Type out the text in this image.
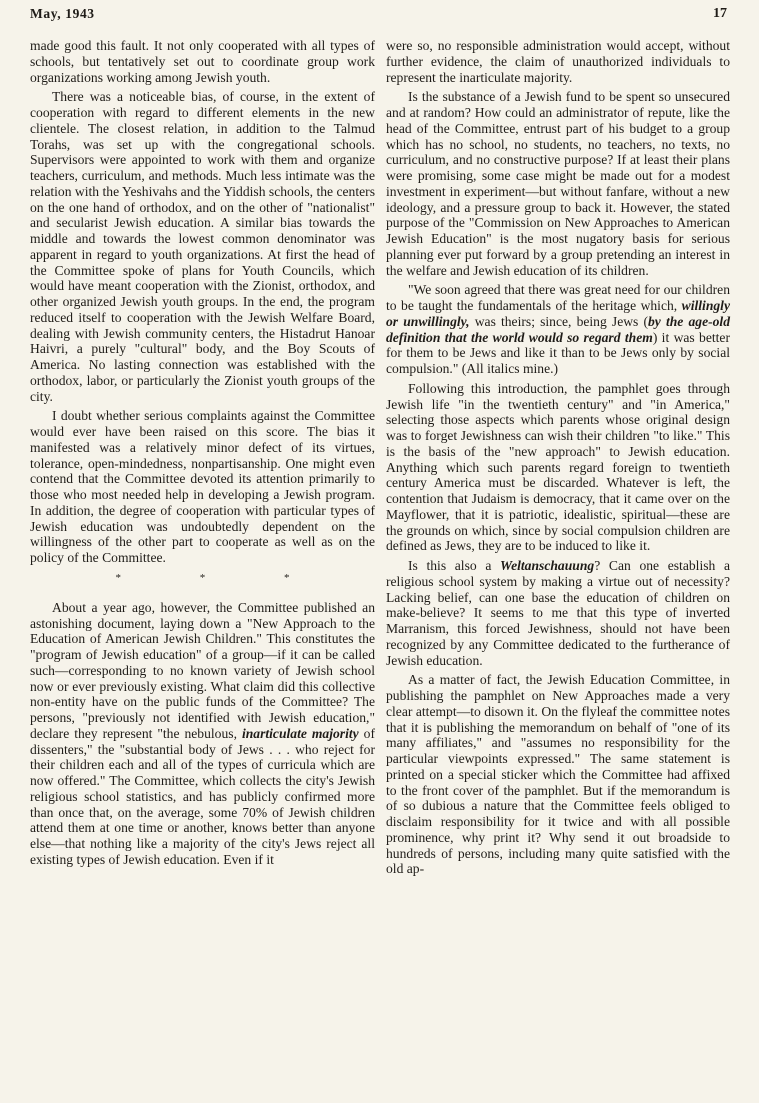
May, 1943	17

made good this fault. It not only cooperated with all types of schools, but tentatively set out to coordinate group work organizations working among Jewish youth.

There was a noticeable bias, of course, in the extent of cooperation with regard to different elements in the new clientele. The closest relation, in addition to the Talmud Torahs, was set up with the congregational schools. Supervisors were appointed to work with them and organize teachers, curriculum, and methods. Much less intimate was the relation with the Yeshivahs and the Yiddish schools, the centers on the one hand of orthodox, and on the other of "nationalist" and secularist Jewish education. A similar bias towards the middle and towards the lowest common denominator was apparent in regard to youth organizations. At first the head of the Committee spoke of plans for Youth Councils, which would have meant cooperation with the Zionist, orthodox, and other organized Jewish youth groups. In the end, the program reduced itself to cooperation with the Jewish Welfare Board, dealing with Jewish community centers, the Histadrut Hanoar Haivri, a purely "cultural" body, and the Boy Scouts of America. No lasting connection was established with the orthodox, labor, or particularly the Zionist youth groups of the city.

I doubt whether serious complaints against the Committee would ever have been raised on this score. The bias it manifested was a relatively minor defect of its virtues, tolerance, open-mindedness, nonpartisanship. One might even contend that the Committee devoted its attention primarily to those who most needed help in developing a Jewish program. In addition, the degree of cooperation with particular types of Jewish education was undoubtedly dependent on the willingness of the other part to cooperate as well as on the policy of the Committee.

* * *

About a year ago, however, the Committee published an astonishing document, laying down a "New Approach to the Education of American Jewish Children." This constitutes the "program of Jewish education" of a group—if it can be called such—corresponding to no known variety of Jewish school now or ever previously existing. What claim did this collective non-entity have on the public funds of the Committee? The persons, "previously not identified with Jewish education," declare they represent "the nebulous, inarticulate majority of dissenters," the "substantial body of Jews . . . who reject for their children each and all of the types of curricula which are now offered." The Committee, which collects the city's Jewish religious school statistics, and has publicly confirmed more than once that, on the average, some 70% of Jewish children attend them at one time or another, knows better than anyone else—that nothing like a majority of the city's Jews reject all existing types of Jewish education. Even if it

were so, no responsible administration would accept, without further evidence, the claim of unauthorized individuals to represent the inarticulate majority.

Is the substance of a Jewish fund to be spent so unsecured and at random? How could an administrator of repute, like the head of the Committee, entrust part of his budget to a group which has no school, no students, no teachers, no texts, no curriculum, and no constructive purpose? If at least their plans were promising, some case might be made out for a modest investment in experiment—but without fanfare, without a new ideology, and a pressure group to back it. However, the stated purpose of the "Commission on New Approaches to American Jewish Education" is the most nugatory basis for serious planning ever put forward by a group pretending an interest in the welfare and Jewish education of its children.

"We soon agreed that there was great need for our children to be taught the fundamentals of the heritage which, willingly or unwillingly, was theirs; since, being Jews (by the age-old definition that the world would so regard them) it was better for them to be Jews and like it than to be Jews only by social compulsion." (All italics mine.)

Following this introduction, the pamphlet goes through Jewish life "in the twentieth century" and "in America," selecting those aspects which parents whose original design was to forget Jewishness can wish their children "to like." This is the basis of the "new approach" to Jewish education. Anything which such parents regard foreign to twentieth century America must be discarded. Whatever is left, the contention that Judaism is democracy, that it came over on the Mayflower, that it is patriotic, idealistic, spiritual—these are the grounds on which, since by social compulsion children are defined as Jews, they are to be induced to like it.

Is this also a Weltanschauung? Can one establish a religious school system by making a virtue out of necessity? Lacking belief, can one base the education of children on make-believe? It seems to me that this type of inverted Marranism, this forced Jewishness, should not have been recognized by any Committee dedicated to the furtherance of Jewish education.

As a matter of fact, the Jewish Education Committee, in publishing the pamphlet on New Approaches made a very clear attempt—to disown it. On the flyleaf the committee notes that it is publishing the memorandum on behalf of "one of its many affiliates," and "assumes no responsibility for the particular viewpoints expressed." The same statement is printed on a special sticker which the Committee had affixed to the front cover of the pamphlet. But if the memorandum is of so dubious a nature that the Committee feels obliged to disclaim responsibility for it twice and with all possible prominence, why print it? Why send it out broadside to hundreds of persons, including many quite satisfied with the old ap-
